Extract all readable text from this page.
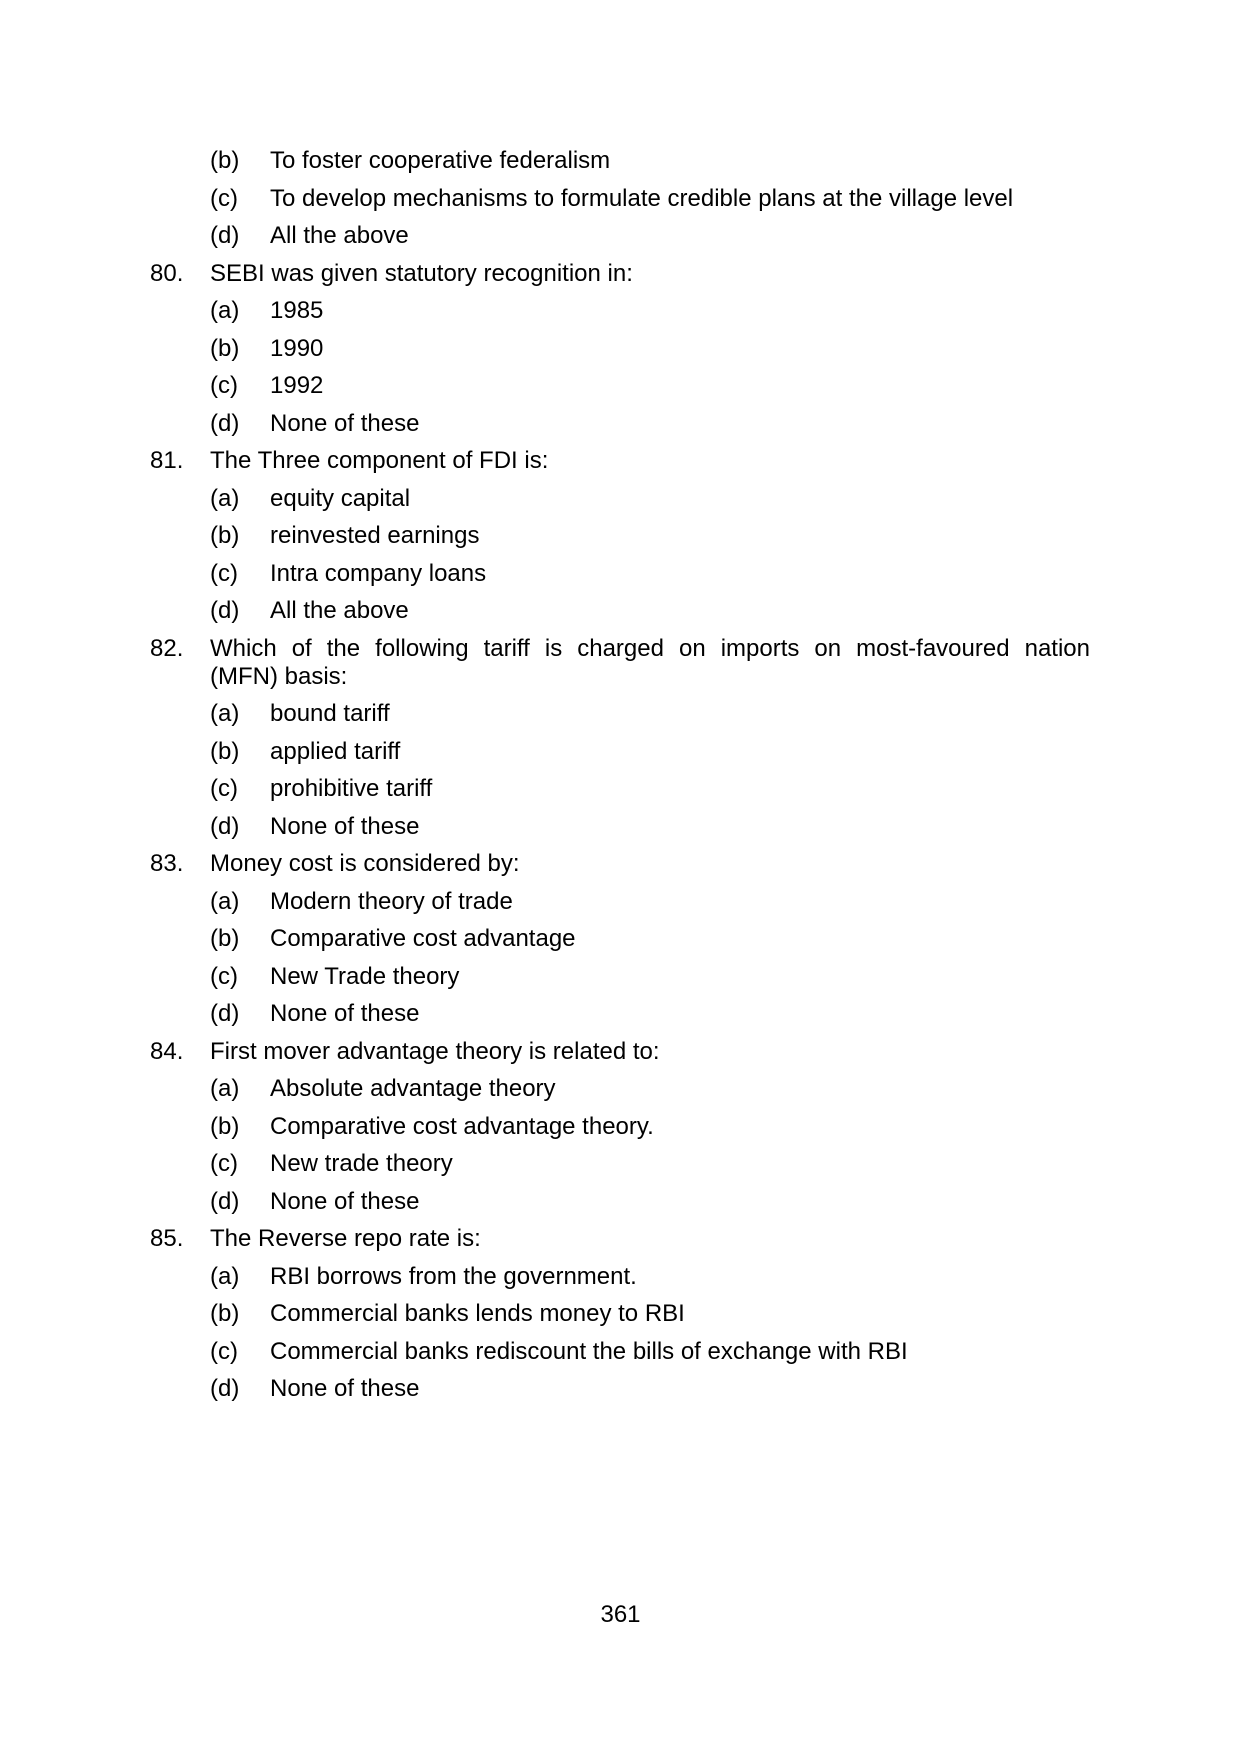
(b)	To foster cooperative federalism
(c)	To develop mechanisms to formulate credible plans at the village level
(d)	All the above
80.	SEBI was given statutory recognition in:
(a)	1985
(b)	1990
(c)	1992
(d)	None of these
81.	The Three component of FDI is:
(a)	equity capital
(b)	reinvested earnings
(c)	Intra company loans
(d)	All the above
82.	Which of the following tariff is charged on imports on most-favoured nation
(MFN) basis:
(a)	bound tariff
(b)	applied tariff
(c)	prohibitive tariff
(d)	None of these
83.	Money cost is considered by:
(a)	Modern theory of trade
(b)	Comparative cost advantage
(c)	New Trade theory
(d)	None of these
84.	First mover advantage theory is related to:
(a)	Absolute advantage theory
(b)	Comparative cost advantage theory.
(c)	New trade theory
(d)	None of these
85.	The Reverse repo rate is:
(a)	RBI borrows from the government.
(b)	Commercial banks lends money to RBI
(c)	Commercial banks rediscount the bills of exchange with RBI
(d)	None of these
361
